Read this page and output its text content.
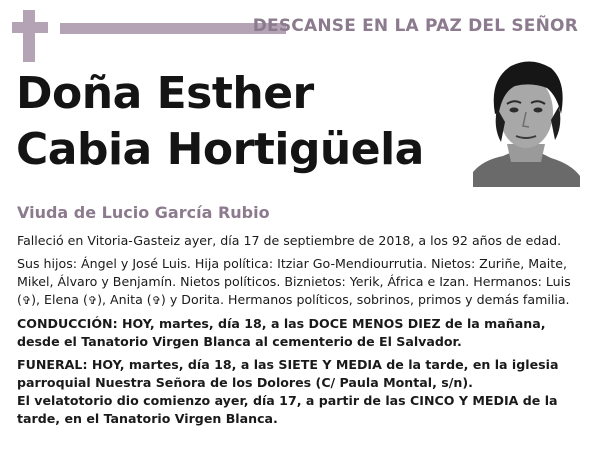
DESCANSE EN LA PAZ DEL SEÑOR
Doña Esther
Cabia Hortigüela
Viuda de Lucio García Rubio

Falleció en Vitoria-Gasteiz ayer, día 17 de septiembre de 2018, a los 92 años de edad.

Sus hijos: Ángel y José Luis. Hija política: Itziar Go-Mendiourrutia. Nietos: Zuriñe, Maite, Mikel, Álvaro y Benjamín. Nietos políticos. Biznietos: Yerik, África e Izan. Hermanos: Luis (✞), Elena (✞), Anita (✞) y Dorita. Hermanos políticos, sobrinos, primos y demás familia.

CONDUCCIÓN: HOY, martes, día 18, a las DOCE MENOS DIEZ de la mañana, desde el Tanatorio Virgen Blanca al cementerio de El Salvador.

FUNERAL: HOY, martes, día 18, a las SIETE Y MEDIA de la tarde, en la iglesia parroquial Nuestra Señora de los Dolores (C/ Paula Montal, s/n).

El velatotorio dio comienzo ayer, día 17, a partir de las CINCO Y MEDIA de la tarde, en el Tanatorio Virgen Blanca.
